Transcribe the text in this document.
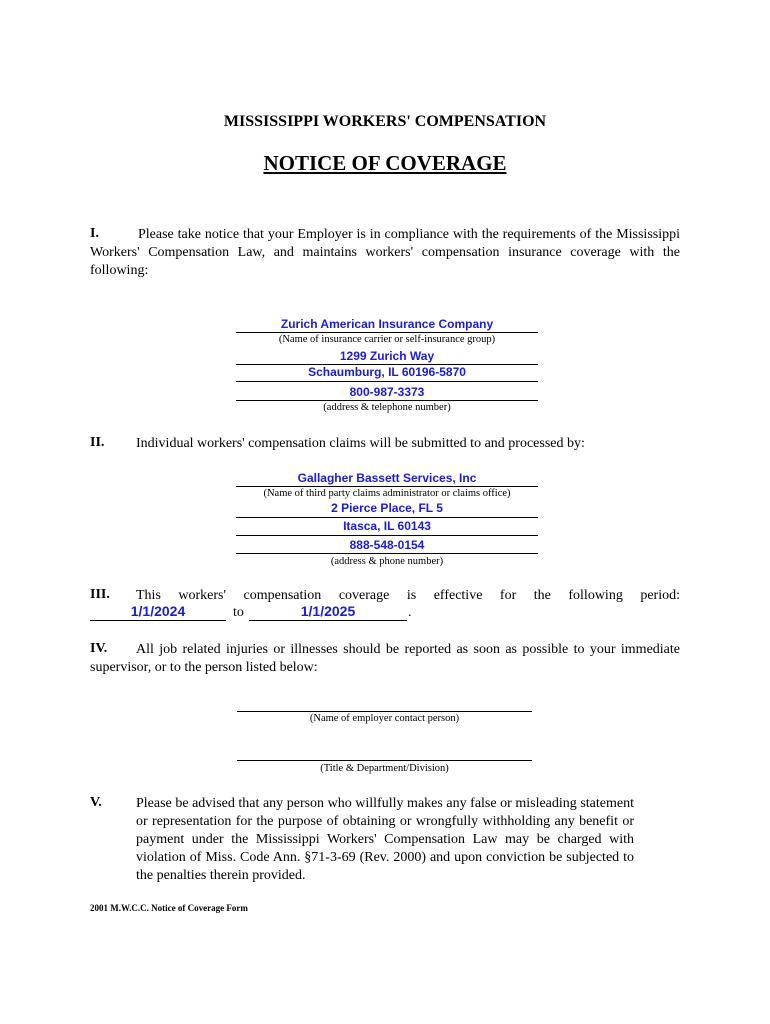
MISSISSIPPI WORKERS' COMPENSATION
NOTICE OF COVERAGE
I.	Please take notice that your Employer is in compliance with the requirements of the Mississippi Workers' Compensation Law, and maintains workers' compensation insurance coverage with the following:
Zurich American Insurance Company
(Name of insurance carrier or self-insurance group)
1299 Zurich Way
Schaumburg, IL 60196-5870
800-987-3373
(address & telephone number)
II. Individual workers' compensation claims will be submitted to and processed by:
Gallagher Bassett Services, Inc
(Name of third party claims administrator or claims office)
2 Pierce Place, FL 5
Itasca, IL 60143
888-548-0154
(address & phone number)
III. This workers' compensation coverage is effective for the following period:
1/1/2024	to	1/1/2025	.
IV.	All job related injuries or illnesses should be reported as soon as possible to your immediate supervisor, or to the person listed below:
(Name of employer contact person)
(Title & Department/Division)
V. Please be advised that any person who willfully makes any false or misleading statement or representation for the purpose of obtaining or wrongfully withholding any benefit or payment under the Mississippi Workers' Compensation Law may be charged with violation of Miss. Code Ann. §71-3-69 (Rev. 2000) and upon conviction be subjected to the penalties therein provided.
2001 M.W.C.C. Notice of Coverage Form
